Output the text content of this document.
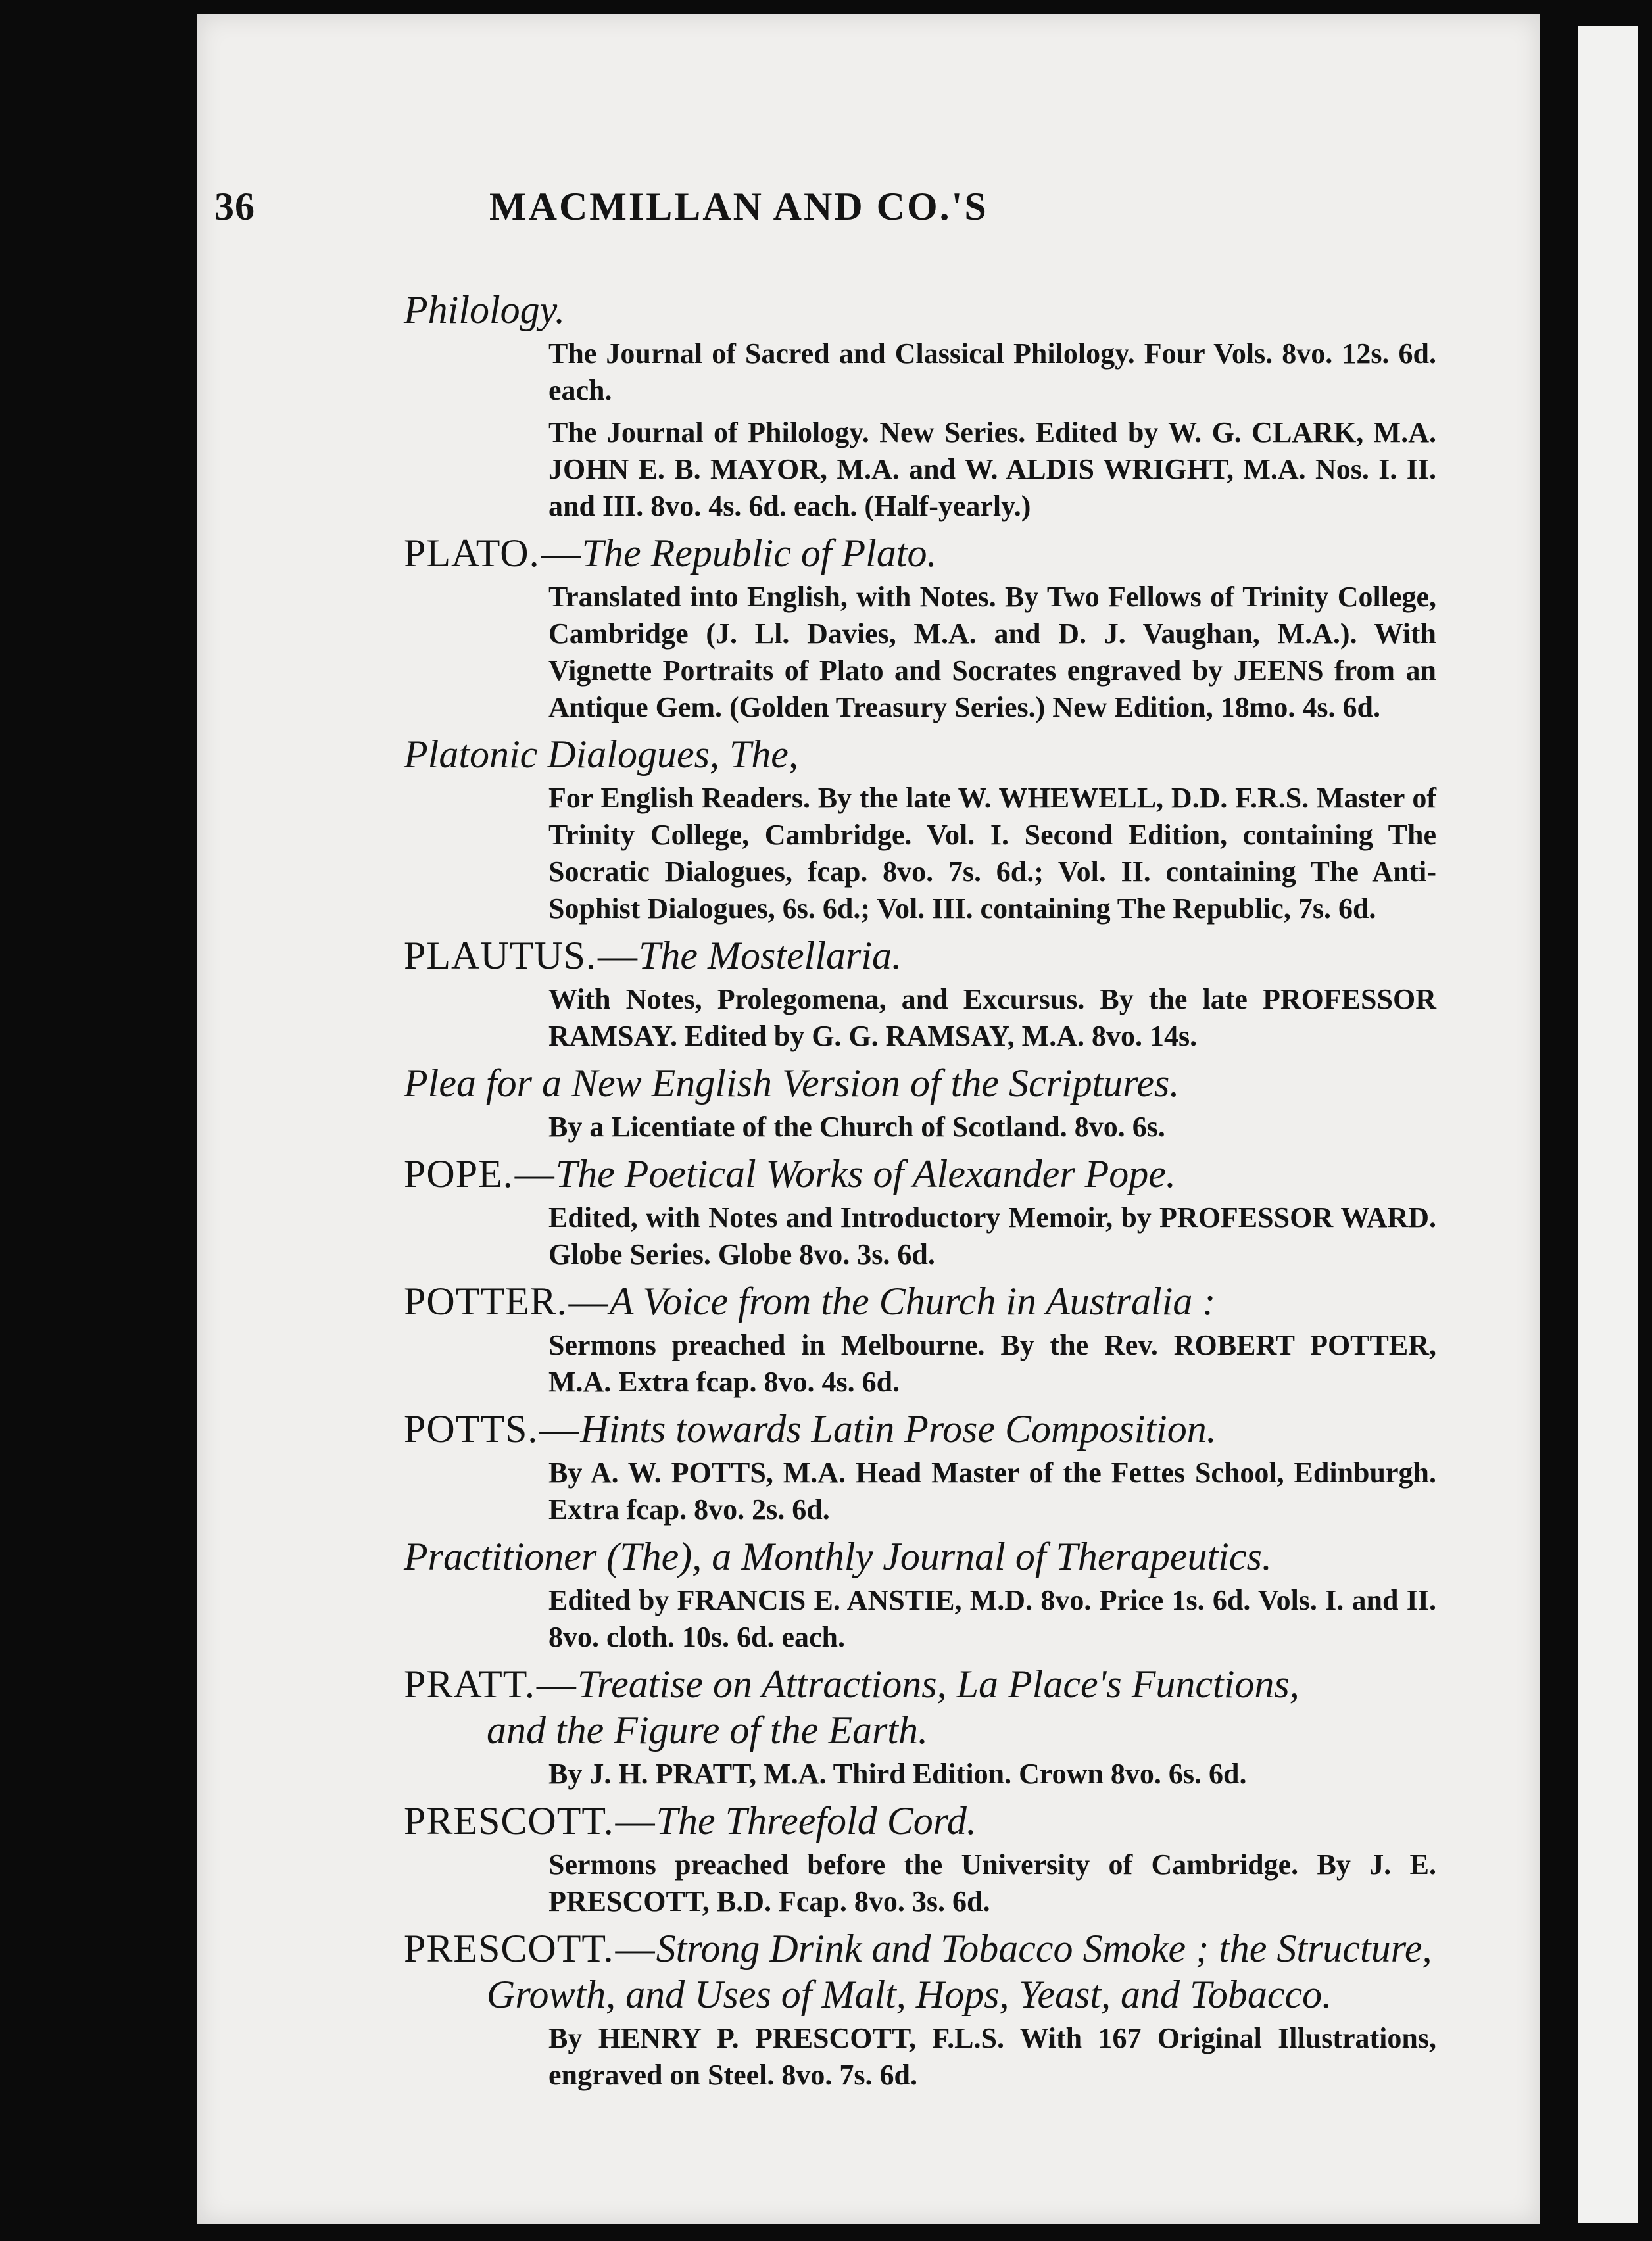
36	MACMILLAN AND CO.'S
Philology.

The Journal of Sacred and Classical Philology. Four Vols. 8vo. 12s. 6d. each.

The Journal of Philology. New Series. Edited by W. G. CLARK, M.A. JOHN E. B. MAYOR, M.A. and W. ALDIS WRIGHT, M.A. Nos. I. II. and III. 8vo. 4s. 6d. each. (Half-yearly.)

PLATO.—The Republic of Plato.

Translated into English, with Notes. By Two Fellows of Trinity College, Cambridge (J. Ll. Davies, M.A. and D. J. Vaughan, M.A.). With Vignette Portraits of Plato and Socrates engraved by JEENS from an Antique Gem. (Golden Treasury Series.) New Edition, 18mo. 4s. 6d.

Platonic Dialogues, The,

For English Readers. By the late W. WHEWELL, D.D. F.R.S. Master of Trinity College, Cambridge. Vol. I. Second Edition, containing The Socratic Dialogues, fcap. 8vo. 7s. 6d.; Vol. II. containing The Anti-Sophist Dialogues, 6s. 6d.; Vol. III. containing The Republic, 7s. 6d.

PLAUTUS.—The Mostellaria.

With Notes, Prolegomena, and Excursus. By the late PROFESSOR RAMSAY. Edited by G. G. RAMSAY, M.A. 8vo. 14s.

Plea for a New English Version of the Scriptures.

By a Licentiate of the Church of Scotland. 8vo. 6s.

POPE.—The Poetical Works of Alexander Pope.

Edited, with Notes and Introductory Memoir, by PROFESSOR WARD. Globe Series. Globe 8vo. 3s. 6d.

POTTER.—A Voice from the Church in Australia :

Sermons preached in Melbourne. By the Rev. ROBERT POTTER, M.A. Extra fcap. 8vo. 4s. 6d.

POTTS.—Hints towards Latin Prose Composition.

By A. W. POTTS, M.A. Head Master of the Fettes School, Edinburgh. Extra fcap. 8vo. 2s. 6d.

Practitioner (The), a Monthly Journal of Therapeutics.

Edited by FRANCIS E. ANSTIE, M.D. 8vo. Price 1s. 6d. Vols. I. and II. 8vo. cloth. 10s. 6d. each.

PRATT.—Treatise on Attractions, La Place's Functions,
and the Figure of the Earth.

By J. H. PRATT, M.A. Third Edition. Crown 8vo. 6s. 6d.

PRESCOTT.—The Threefold Cord.

Sermons preached before the University of Cambridge. By J. E. PRESCOTT, B.D. Fcap. 8vo. 3s. 6d.

PRESCOTT.—Strong Drink and Tobacco Smoke ; the Structure,
Growth, and Uses of Malt, Hops, Yeast, and Tobacco.

By HENRY P. PRESCOTT, F.L.S. With 167 Original Illustrations, engraved on Steel. 8vo. 7s. 6d.
